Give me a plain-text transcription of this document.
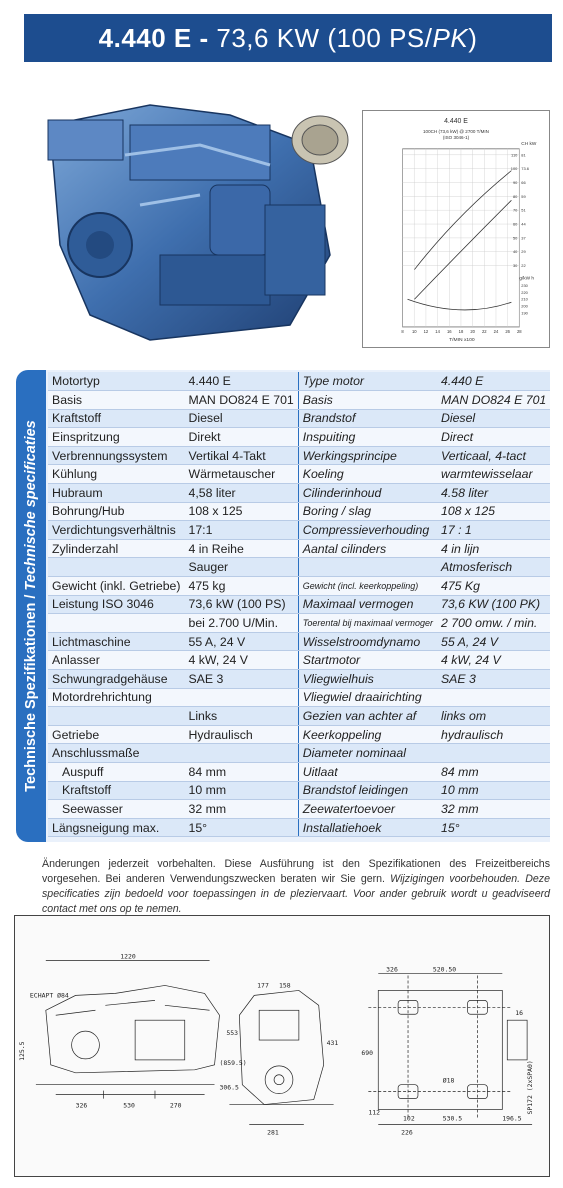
4.440 E - 73,6 KW (100 PS/ PK )
4.440 E
100CH (73,6 kW) @ 2700 T/MIN
(ISO 3046-1)
CH kW
8 10 12 14 16 18 20 22 24 26 28
110 81
100 73.6
90 66
80 59
70 51
60 44
50 37
40 29
30 22
230
220
210
200
190
g/kW h
T/MIN x100
Technische Spezifikationen / Technische specificaties
Motortyp	4.440 E	Type motor	4.440 E
Basis	MAN DO824 E 701	Basis	MAN DO824 E 701
Kraftstoff	Diesel	Brandstof	Diesel
Einspritzung	Direkt	Inspuiting	Direct
Verbrennungssystem	Vertikal 4-Takt	Werkingsprincipe	Verticaal, 4-tact
Kühlung	Wärmetauscher	Koeling	warmtewisselaar
Hubraum	4,58 liter	Cilinderinhoud	4.58 liter
Bohrung/Hub	108 x 125	Boring / slag	108 x 125
Verdichtungsverhältnis	17:1	Compressieverhouding	17 : 1
Zylinderzahl	4 in Reihe	Aantal cilinders	4 in lijn
	Sauger		Atmosferisch
Gewicht (inkl. Getriebe)	475 kg	Gewicht (incl. keerkoppeling)	475 Kg
Leistung ISO 3046	73,6 kW (100 PS)	Maximaal vermogen	73,6 KW (100 PK)
	bei 2.700 U/Min.	Toerental bij maximaal vermoger	2 700 omw. / min.
Lichtmaschine	55 A, 24 V	Wisselstroomdynamo	55 A, 24 V
Anlasser	4 kW, 24 V	Startmotor	4 kW, 24 V
Schwungradgehäuse	SAE 3	Vliegwielhuis	SAE 3
Motordrehrichtung		Vliegwiel draairichting	
	Links	Gezien van achter af	links om
Getriebe	Hydraulisch	Keerkoppeling	hydraulisch
Anschlussmaße		Diameter nominaal	
Auspuff	84 mm	Uitlaat	84 mm
Kraftstoff	10 mm	Brandstof leidingen	10 mm
Seewasser	32 mm	Zeewatertoevoer	32 mm
Längsneigung max.	15°	Installatiehoek	15°
Änderungen jederzeit vorbehalten. Diese Ausführung ist den Spezifikationen des Freizeitbereichs vorgesehen. Bei anderen Verwendungszwecken beraten wir Sie gern. Wijzigingen voorbehouden. Deze specificaties zijn bedoeld voor toepassingen in de pleziervaart. Voor ander gebruik wordt u geadviseerd contact met ons op te nemen.
1220
ECHAPT Ø84
125.5
326	530	270
177 158
553
(859.5)
306.5
431
281
326	520.50
690
16
Ø18
112
102
226
530.5	196.5
SP172 (2xSPA0)
